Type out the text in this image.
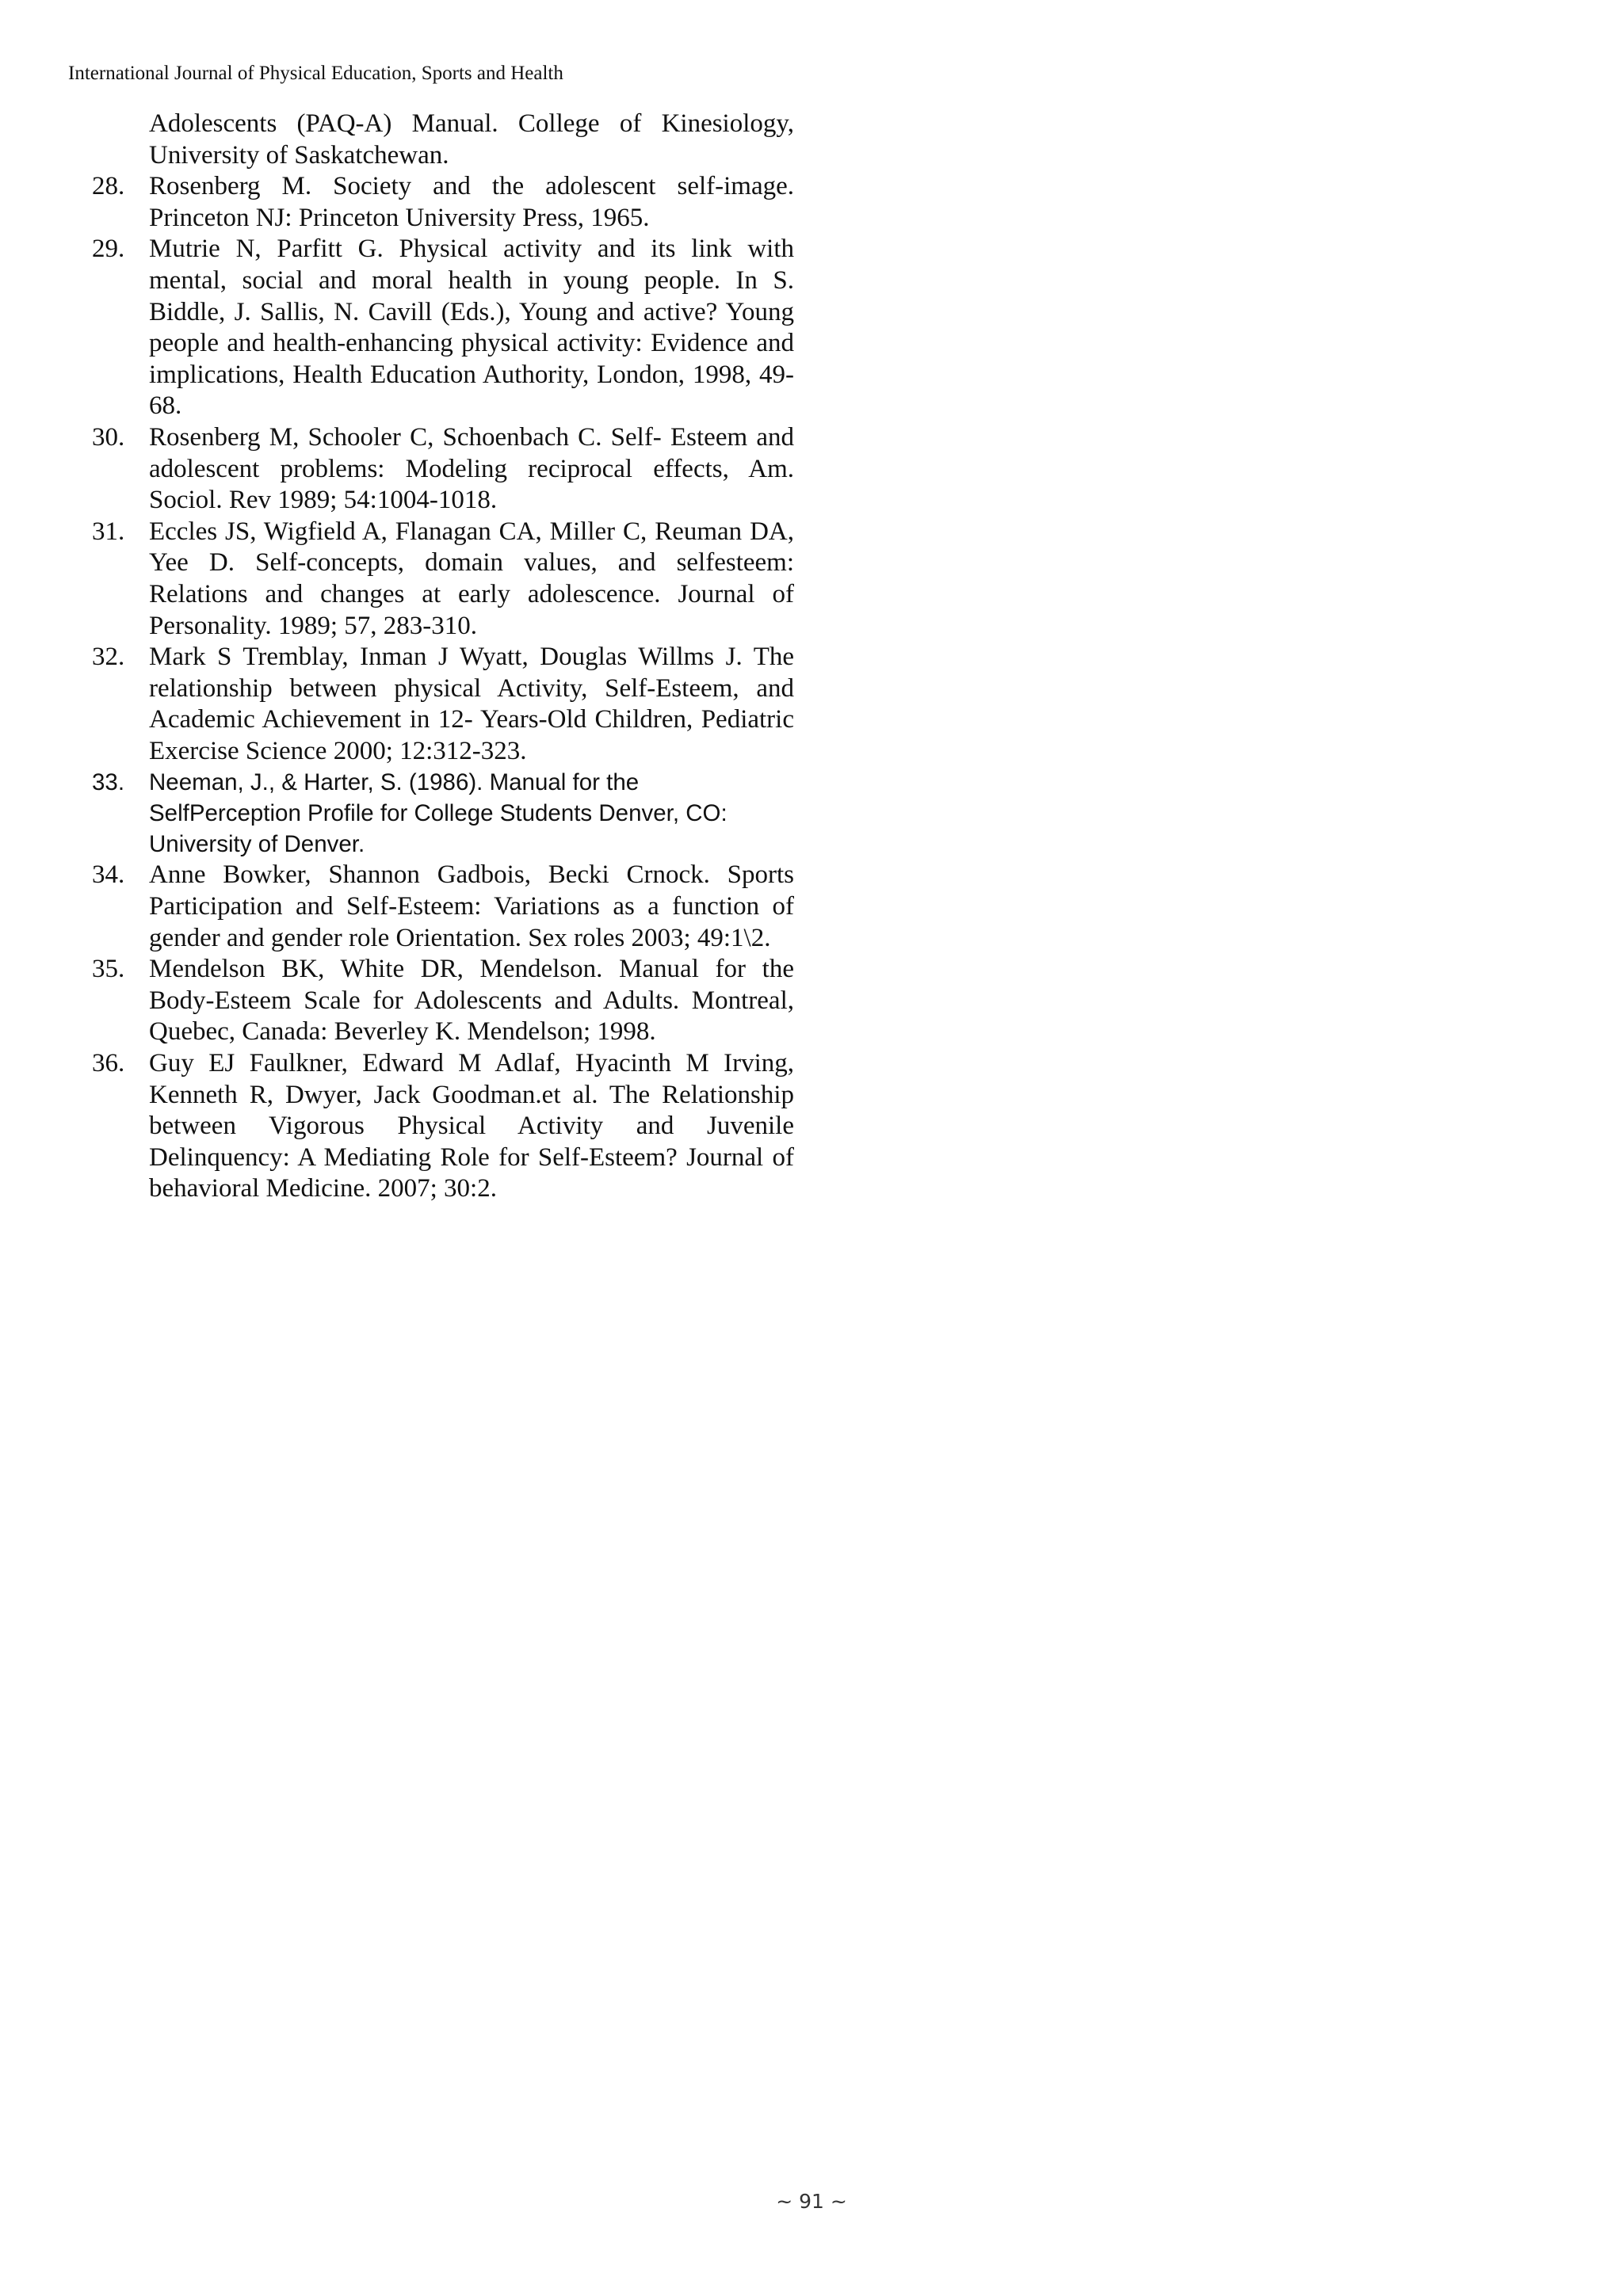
International Journal of Physical Education, Sports and Health
Adolescents (PAQ-A) Manual. College of Kinesiology, University of Saskatchewan.
28. Rosenberg M. Society and the adolescent self-image. Princeton NJ: Princeton University Press, 1965.
29. Mutrie N, Parfitt G. Physical activity and its link with mental, social and moral health in young people. In S. Biddle, J. Sallis, N. Cavill (Eds.), Young and active? Young people and health-enhancing physical activity: Evidence and implications, Health Education Authority, London, 1998, 49-68.
30. Rosenberg M, Schooler C, Schoenbach C. Self- Esteem and adolescent problems: Modeling reciprocal effects, Am. Sociol. Rev 1989; 54:1004-1018.
31. Eccles JS, Wigfield A, Flanagan CA, Miller C, Reuman DA, Yee D. Self-concepts, domain values, and selfesteem: Relations and changes at early adolescence. Journal of Personality. 1989; 57, 283-310.
32. Mark S Tremblay, Inman J Wyatt, Douglas Willms J. The relationship between physical Activity, Self-Esteem, and Academic Achievement in 12- Years-Old Children, Pediatric Exercise Science 2000; 12:312-323.
33. Neeman, J., & Harter, S. (1986). Manual for the SelfPerception Profile for College Students Denver, CO: University of Denver.
34. Anne Bowker, Shannon Gadbois, Becki Crnock. Sports Participation and Self-Esteem: Variations as a function of gender and gender role Orientation. Sex roles 2003; 49:1\2.
35. Mendelson BK, White DR, Mendelson. Manual for the Body-Esteem Scale for Adolescents and Adults. Montreal, Quebec, Canada: Beverley K. Mendelson; 1998.
36. Guy EJ Faulkner, Edward M Adlaf, Hyacinth M Irving, Kenneth R, Dwyer, Jack Goodman.et al. The Relationship between Vigorous Physical Activity and Juvenile Delinquency: A Mediating Role for Self-Esteem? Journal of behavioral Medicine. 2007; 30:2.
~ 91 ~
